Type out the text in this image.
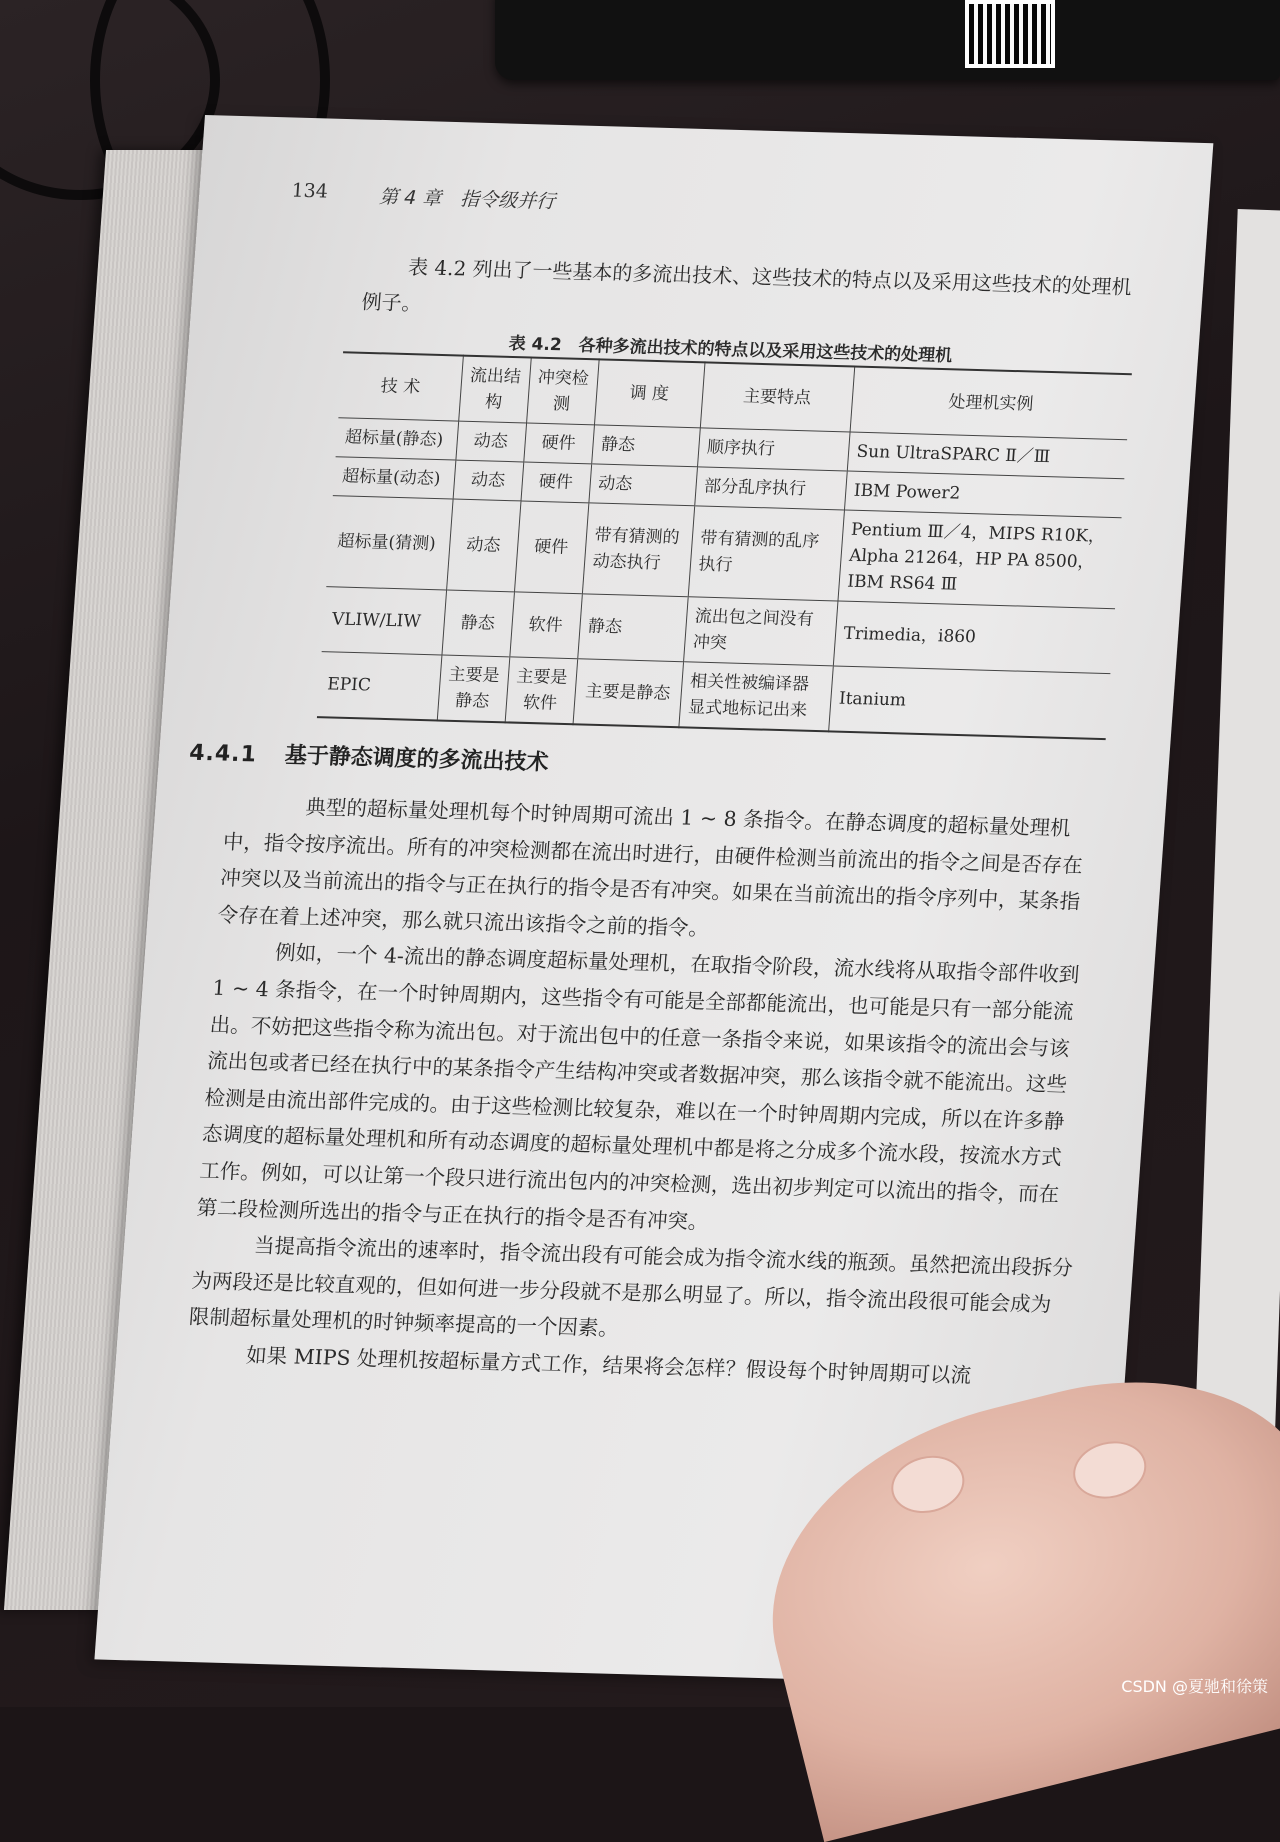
134	第 4 章　指令级并行

表 4.2 列出了一些基本的多流出技术、这些技术的特点以及采用这些技术的处理机例子。

表 4.2　各种多流出技术的特点以及采用这些技术的处理机
技 术	流出结构	冲突检测	调 度	主要特点	处理机实例
超标量(静态)	动态	硬件	静态	顺序执行	Sun UltraSPARC Ⅱ／Ⅲ
超标量(动态)	动态	硬件	动态	部分乱序执行	IBM Power2
超标量(猜测)	动态	硬件	带有猜测的动态执行	带有猜测的乱序执行	Pentium Ⅲ／4，MIPS R10K，Alpha 21264，HP PA 8500，IBM RS64 Ⅲ
VLIW/LIW	静态	软件	静态	流出包之间没有冲突	Trimedia，i860
EPIC	主要是静态	主要是软件	主要是静态	相关性被编译器显式地标记出来	Itanium
4.4.1 基于静态调度的多流出技术

典型的超标量处理机每个时钟周期可流出 1 ~ 8 条指令。在静态调度的超标量处理机中，指令按序流出。所有的冲突检测都在流出时进行，由硬件检测当前流出的指令之间是否存在冲突以及当前流出的指令与正在执行的指令是否有冲突。如果在当前流出的指令序列中，某条指令存在着上述冲突，那么就只流出该指令之前的指令。

例如，一个 4-流出的静态调度超标量处理机，在取指令阶段，流水线将从取指令部件收到 1 ~ 4 条指令，在一个时钟周期内，这些指令有可能是全部都能流出，也可能是只有一部分能流出。不妨把这些指令称为流出包。对于流出包中的任意一条指令来说，如果该指令的流出会与该流出包或者已经在执行中的某条指令产生结构冲突或者数据冲突，那么该指令就不能流出。这些检测是由流出部件完成的。由于这些检测比较复杂，难以在一个时钟周期内完成，所以在许多静态调度的超标量处理机和所有动态调度的超标量处理机中都是将之分成多个流水段，按流水方式工作。例如，可以让第一个段只进行流出包内的冲突检测，选出初步判定可以流出的指令，而在第二段检测所选出的指令与正在执行的指令是否有冲突。

当提高指令流出的速率时，指令流出段有可能会成为指令流水线的瓶颈。虽然把流出段拆分为两段还是比较直观的，但如何进一步分段就不是那么明显了。所以，指令流出段很可能会成为限制超标量处理机的时钟频率提高的一个因素。

如果 MIPS 处理机按超标量方式工作，结果将会怎样？假设每个时钟周期可以流

CSDN @夏驰和徐策
